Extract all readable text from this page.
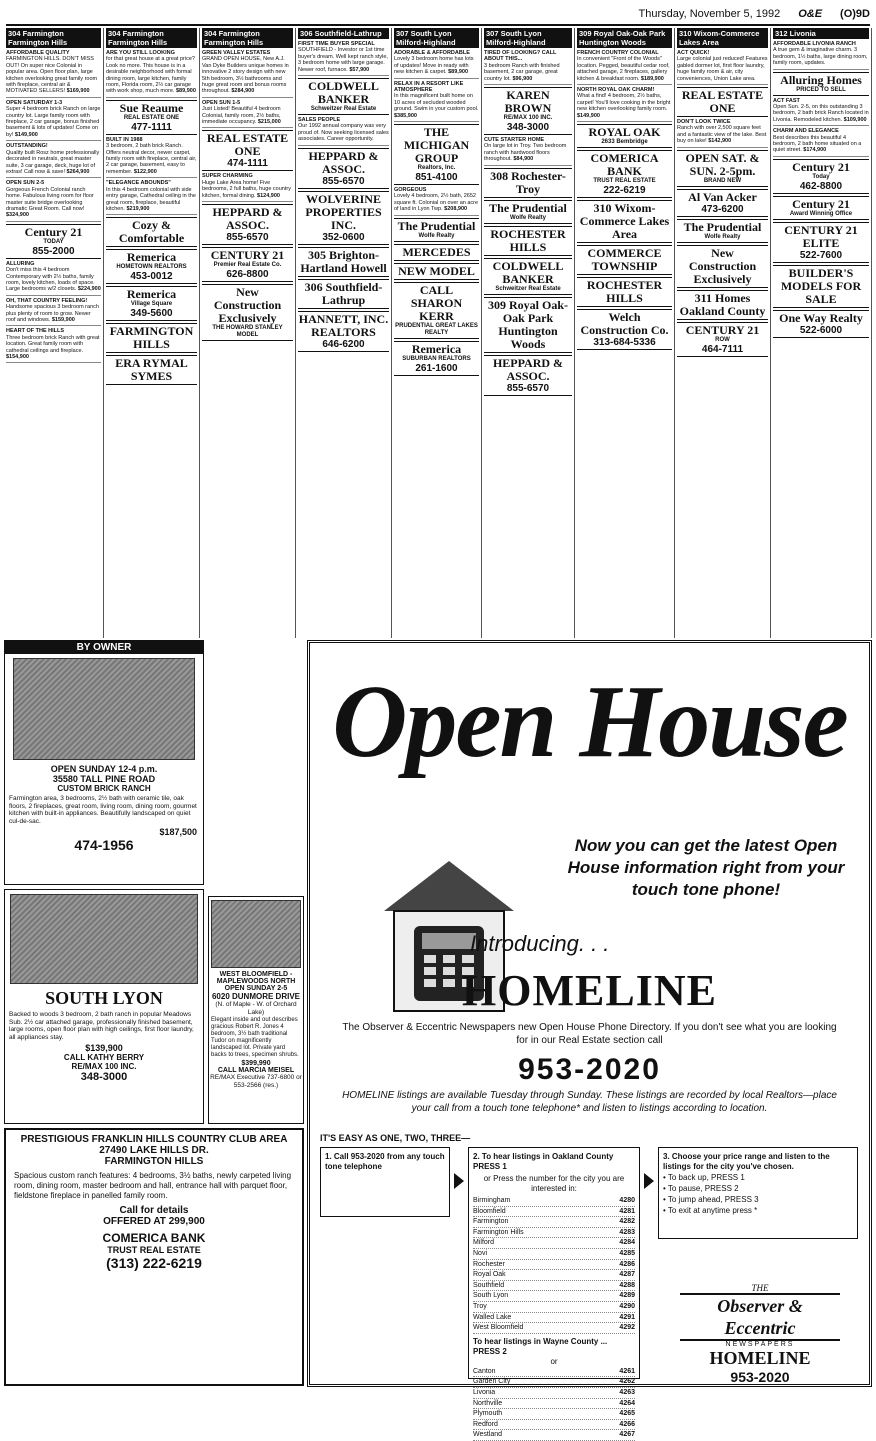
Thursday, November 5, 1992 O&E (O)9D
304 Farmington Farmington Hills
AFFORDABLE QUALITY
FARMINGTON HILLS. DON'T MISS OUT! On super nice Colonial in popular area. Open floor plan, large kitchen overlooking great family room with fireplace, central air & MOTIVATED SELLERS! $169,900
OPEN SATURDAY 1-3
Super 4 bedroom brick Ranch on large country lot. Large family room with fireplace, 2 car garage, bonus finished basement & lots of updates! Come on by! $149,900
OUTSTANDING!
Quality built Rosz home professionally decorated in neutrals, great master suite, 3 car garage, deck, huge lot of extras! Call now & save! $264,900
OPEN SUN 2-5
Gorgeous French Colonial ranch home. Fabulous living room for floor master suite bridge overlooking dramatic Great Room. Call now! $324,900
Century 21
TODAY
855-2000
ALLURING
Don't miss this 4 bedroom Contemporary with 2½ baths, family room, lovely kitchen, loads of space. Large bedrooms w/2 closets. $224,900
OH, THAT COUNTRY FEELING!
Handsome spacious 3 bedroom ranch plus plenty of room to grow. Newer roof and windows. $159,900
HEART OF THE HILLS
Three bedroom brick Ranch with great location. Great family room with cathedral ceilings and fireplace. $154,900
304 Farmington Farmington Hills
ARE YOU STILL LOOKING
for that great house at a great price? Look no more. This house is in a desirable neighborhood with formal dining room, large kitchen, family room, Florida room, 2½ car garage with work shop, much more. $89,900
Sue Reaume
REAL ESTATE ONE
477-1111
BUILT IN 1988
3 bedroom, 2 bath brick Ranch. Offers neutral decor, newer carpet, family room with fireplace, central air, 2 car garage, basement, easy to remember. $122,900
"ELEGANCE ABOUNDS"
In this 4 bedroom colonial with side entry garage, Cathedral ceiling in the great room, fireplace, beautiful kitchen. $219,900
Cozy & Comfortable
Remerica
HOMETOWN REALTORS
453-0012
Remerica
Village Square
349-5600
FARMINGTON HILLS
ERA RYMAL SYMES
304 Farmington Farmington Hills
GREEN VALLEY ESTATES
GRAND OPEN HOUSE, New A.J. Van Dyke Builders unique homes in innovative 2 story design with new 5th bedroom, 3½ bathrooms and huge great room and bonus rooms throughout. $284,900
OPEN SUN 1-5
Just Listed! Beautiful 4 bedroom Colonial, family room, 2½ baths, immediate occupancy. $215,000
REAL ESTATE ONE
474-1111
SUPER CHARMING
Huge Lake Area home! Five bedrooms, 2 full baths, huge country kitchen, formal dining. $124,900
HEPPARD & ASSOC.
855-6570
CENTURY 21
Premier Real Estate Co.
626-8800
New Construction Exclusively
THE HOWARD STANLEY MODEL
306 Southfield-Lathrup
FIRST TIME BUYER SPECIAL
SOUTHFIELD - Investor or 1st time buyer's dream. Well kept ranch style, 3 bedroom home with large garage. Newer roof, furnace. $57,900
COLDWELL BANKER
Schweitzer Real Estate
SALES PEOPLE
Our 1992 annual company was very proud of. Now seeking licensed sales associates. Career opportunity.
HEPPARD & ASSOC.
855-6570
WOLVERINE PROPERTIES INC.
352-0600
305 Brighton-Hartland Howell
306 Southfield-Lathrup
HANNETT, INC. REALTORS
646-6200
307 South Lyon Milford-Highland
ADORABLE & AFFORDABLE
Lovely 3 bedroom home has lots of updates! Move in ready with new kitchen & carpet. $89,900
RELAX IN A RESORT LIKE ATMOSPHERE
In this magnificent built home on 10 acres of secluded wooded ground. Swim in your custom pool. $385,900
THE MICHIGAN GROUP
Realtors, Inc.
851-4100
GORGEOUS
Lovely 4 bedroom, 2½ bath, 2652 square ft. Colonial on over an acre of land in Lyon Twp. $208,900
The Prudential
Wolfe Realty
MERCEDES
NEW MODEL
CALL SHARON KERR
PRUDENTIAL GREAT LAKES REALTY
Remerica
SUBURBAN REALTORS
261-1600
307 South Lyon Milford-Highland
TIRED OF LOOKING? CALL ABOUT THIS...
3 bedroom Ranch with finished basement, 2 car garage, great country lot. $96,900
KAREN BROWN
RE/MAX 100 INC.
348-3000
CUTE STARTER HOME
On large lot in Troy. Two bedroom ranch with hardwood floors throughout. $84,900
308 Rochester-Troy
The Prudential
Wolfe Realty
ROCHESTER HILLS
COLDWELL BANKER
Schweitzer Real Estate
309 Royal Oak-Oak Park Huntington Woods
HEPPARD & ASSOC.
855-6570
309 Royal Oak-Oak Park Huntington Woods
FRENCH COUNTRY COLONIAL
In convenient "Front of the Woods" location. Pegged, beautiful cedar roof, attached garage, 2 fireplaces, gallery kitchen & breakfast room. $189,900
NORTH ROYAL OAK CHARM!
What a find! 4 bedroom, 2½ baths, carpet! You'll love cooking in the bright new kitchen overlooking family room. $149,900
ROYAL OAK
2633 Bembridge
COMERICA BANK
TRUST REAL ESTATE
222-6219
310 Wixom-Commerce Lakes Area
COMMERCE TOWNSHIP
ROCHESTER HILLS
Welch Construction Co.
313-684-5336
310 Wixom-Commerce Lakes Area
ACT QUICK!
Large colonial just reduced! Features gabled dormer lot, first floor laundry, huge family room & air, city conveniences, Union Lake area.
REAL ESTATE ONE
DON'T LOOK TWICE
Ranch with over 2,500 square feet and a fantastic view of the lake. Best buy on lake! $142,900
OPEN SAT. & SUN. 2-5pm.
BRAND NEW
Al Van Acker
473-6200
The Prudential
Wolfe Realty
New Construction Exclusively
311 Homes Oakland County
CENTURY 21
ROW
464-7111
312 Livonia
AFFORDABLE LIVONIA RANCH
A true gem & imaginative charm. 3 bedroom, 1½ baths, large dining room, family room, updates.
Alluring Homes
PRICED TO SELL
ACT FAST
Open Sun. 2-5, on this outstanding 3 bedroom, 2 bath brick Ranch located in Livonia. Remodeled kitchen. $109,900
CHARM AND ELEGANCE
Best describes this beautiful 4 bedroom, 2 bath home situated on a quiet street. $174,900
Century 21
Today
462-8800
Century 21
Award Winning Office
CENTURY 21 ELITE
522-7600
BUILDER'S MODELS FOR SALE
One Way Realty
522-6000
BY OWNER
OPEN SUNDAY 12-4 p.m.
35580 TALL PINE ROAD
CUSTOM BRICK RANCH
Farmington area, 3 bedrooms, 2½ bath with ceramic tile, oak floors, 2 fireplaces, great room, living room, dining room, gourmet kitchen with built-in appliances. Beautifully landscaped on quiet cul-de-sac.
$187,500
474-1956
SOUTH LYON
Backed to woods 3 bedroom, 2 bath ranch in popular Meadows Sub. 2½ car attached garage, professionally finished basement, large rooms, open floor plan with high ceilings, first floor laundry, all appliances stay.
$139,900
CALL KATHY BERRY
RE/MAX 100 INC.
348-3000
WEST BLOOMFIELD - MAPLEWOODS NORTH
OPEN SUNDAY 2-5
6020 DUNMORE DRIVE
(N. of Maple - W. of Orchard Lake)
Elegant inside and out describes gracious Robert R. Jones 4 bedroom, 3½ bath traditional Tudor on magnificently landscaped lot. Private yard backs to trees, specimen shrubs.
$399,990
CALL MARCIA MEISEL
RE/MAX Executive 737-6800 or 553-2566 (res.)
PRESTIGIOUS FRANKLIN HILLS COUNTRY CLUB AREA
27490 LAKE HILLS DR.
FARMINGTON HILLS
Spacious custom ranch features: 4 bedrooms, 3½ baths, newly carpeted living room, dining room, master bedroom and hall, entrance hall with parquet floor, fieldstone fireplace in panelled family room.
Call for details
OFFERED AT 299,900
COMERICA BANK
TRUST REAL ESTATE
(313) 222-6219
Open House
Now you can get the latest Open House information right from your touch tone phone!
Introducing. . .
HOMELINE
The Observer & Eccentric Newspapers new Open House Phone Directory. If you don't see what you are looking for in our Real Estate section call
953-2020
HOMELINE listings are available Tuesday through Sunday. These listings are recorded by local Realtors—place your call from a touch tone telephone* and listen to listings according to location.
IT'S EASY AS ONE, TWO, THREE—
1. Call 953-2020 from any touch tone telephone
2. To hear listings in Oakland County PRESS 1
or Press the number for the city you are interested in:
Birmingham	4280
Bloomfield	4281
Farmington	4282
Farmington Hills	4283
Milford	4284
Novi	4285
Rochester	4286
Royal Oak	4287
Southfield	4288
South Lyon	4289
Troy	4290
Walled Lake	4291
West Bloomfield	4292
To hear listings in Wayne County ... PRESS 2
or
Canton	4261
Garden City	4262
Livonia	4263
Northville	4264
Plymouth	4265
Redford	4266
Westland	4267
3. Choose your price range and listen to the listings for the city you've chosen.
• To back up, PRESS 1
• To pause, PRESS 2
• To jump ahead, PRESS 3
• To exit at anytime press *
THE
Observer & Eccentric
NEWSPAPERS
HOMELINE
953-2020
